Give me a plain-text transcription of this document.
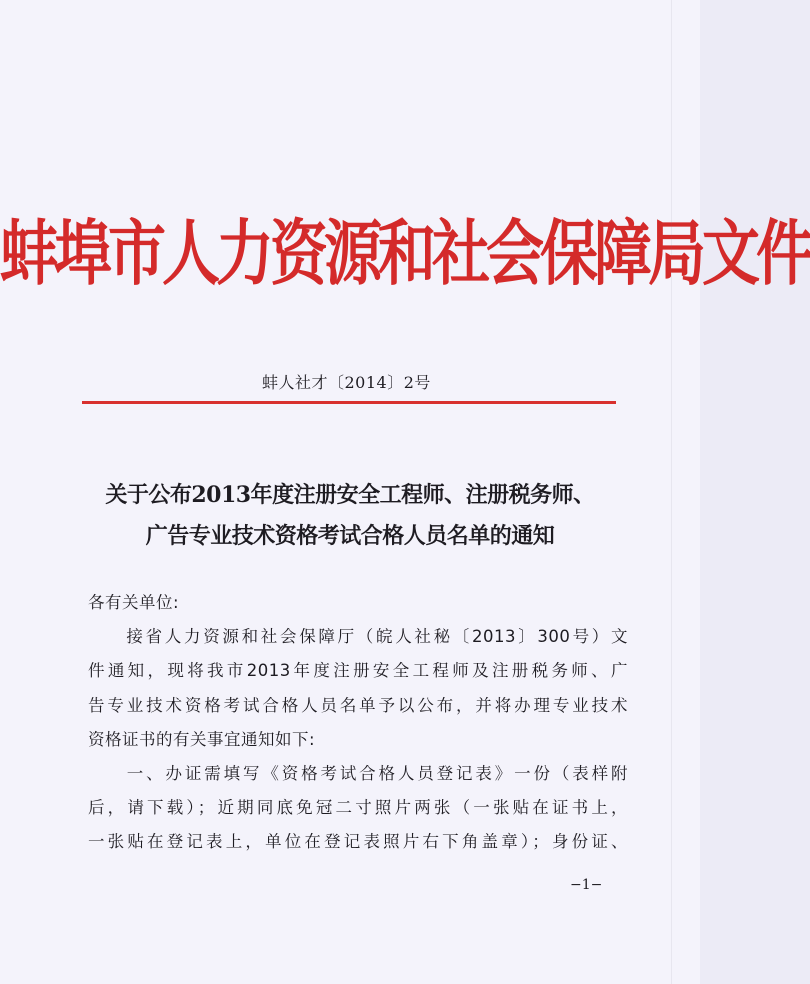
蚌埠市人力资源和社会保障局文件
蚌人社才〔2014〕2号
关于公布2013年度注册安全工程师、注册税务师、
广告专业技术资格考试合格人员名单的通知
各有关单位:
　　接省人力资源和社会保障厅（皖人社秘〔2013〕300号）文
件通知，现将我市2013年度注册安全工程师及注册税务师、广
告专业技术资格考试合格人员名单予以公布，并将办理专业技术
资格证书的有关事宜通知如下:
　　一、办证需填写《资格考试合格人员登记表》一份（表样附
后，请下载）；近期同底免冠二寸照片两张（一张贴在证书上，
一张贴在登记表上，单位在登记表照片右下角盖章）；身份证、
−1−
